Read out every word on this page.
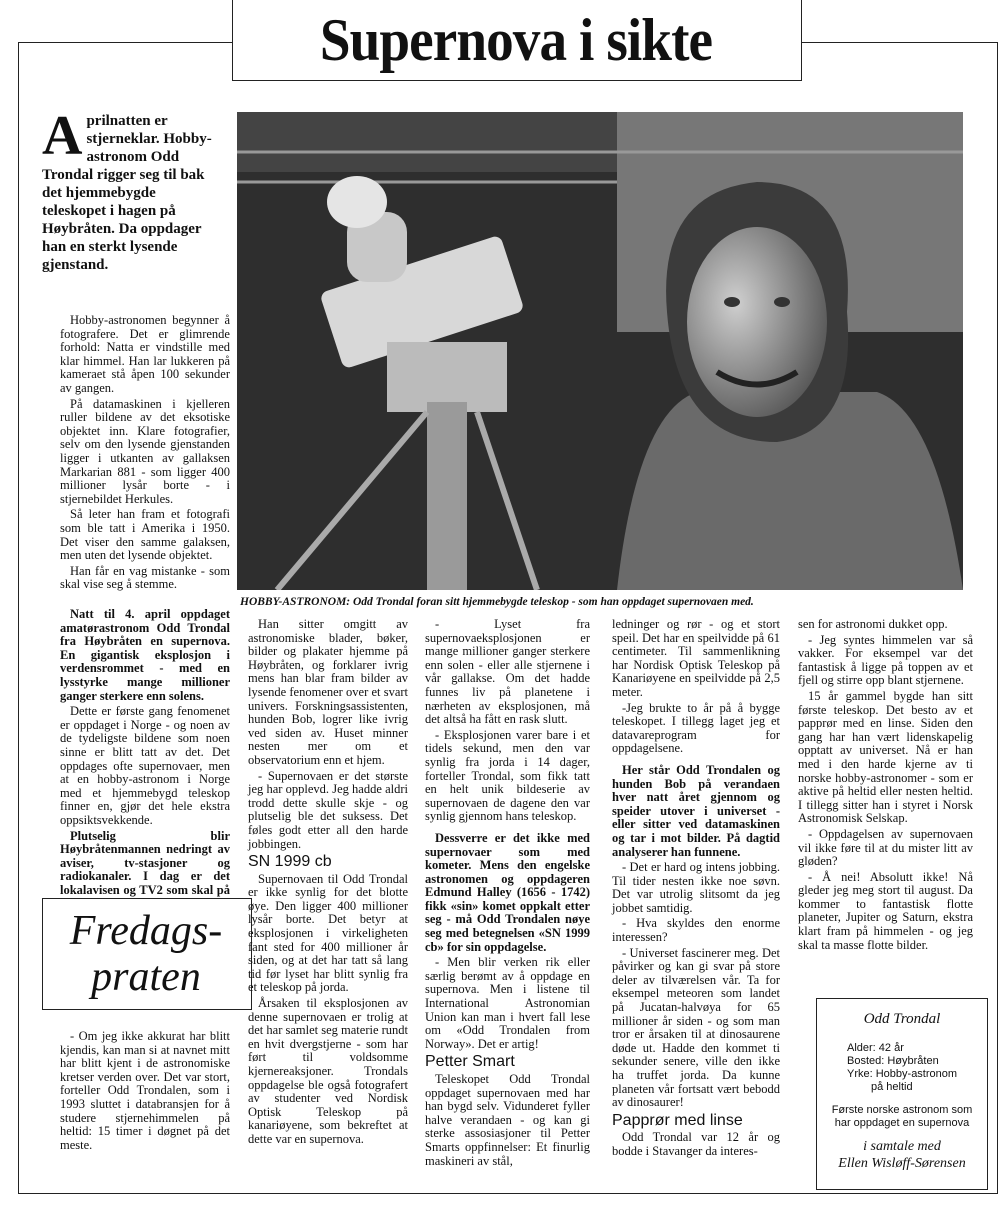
Supernova i sikte
Aprilnatten er stjerneklar. Hobby-astronom Odd Trondal rigger seg til bak det hjemmebygde teleskopet i hagen på Høybråten. Da oppdager han en sterkt lysende gjenstand.
HOBBY-ASTRONOM: Odd Trondal foran sitt hjemmebygde teleskop - som han oppdaget supernovaen med.

Hobby-astronomen begynner å fotografere. Det er glimrende forhold: Natta er vindstille med klar himmel. Han lar lukkeren på kameraet stå åpen 100 sekunder av gangen.

På datamaskinen i kjelleren ruller bildene av det eksotiske objektet inn. Klare fotografier, selv om den lysende gjenstanden ligger i utkanten av gallaksen Markarian 881 - som ligger 400 millioner lysår borte - i stjernebildet Herkules.

Så leter han fram et fotografi som ble tatt i Amerika i 1950. Det viser den samme galaksen, men uten det lysende objektet.

Han får en vag mistanke - som skal vise seg å stemme.

Natt til 4. april oppdaget amatørastronom Odd Trondal fra Høybråten en supernova. En gigantisk eksplosjon i verdensrommet - med en lysstyrke mange millioner ganger sterkere enn solens.

Dette er første gang fenomenet er oppdaget i Norge - og noen av de tydeligste bildene som noen sinne er blitt tatt av det. Det oppdages ofte supernovaer, men at en hobby-astronom i Norge med et hjemmebygd teleskop finner en, gjør det hele ekstra oppsiktsvekkende.

Plutselig blir Høybråtenmannen nedringt av aviser, tv-stasjoner og radiokanaler. I dag er det lokalavisen og TV2 som skal på

Fredags-
praten

- Om jeg ikke akkurat har blitt kjendis, kan man si at navnet mitt har blitt kjent i de astronomiske kretser verden over. Det var stort, forteller Odd Trondalen, som i 1993 sluttet i databransjen for å studere stjernehimmelen på heltid: 15 timer i døgnet på det meste.

Han sitter omgitt av astronomiske blader, bøker, bilder og plakater hjemme på Høybråten, og forklarer ivrig mens han blar fram bilder av lysende fenomener over et svart univers. Forskningsassistenten, hunden Bob, logrer like ivrig ved siden av. Huset minner nesten mer om et observatorium enn et hjem.

- Supernovaen er det største jeg har opplevd. Jeg hadde aldri trodd dette skulle skje - og plutselig ble det suksess. Det føles godt etter all den harde jobbingen.

SN 1999 cb

Supernovaen til Odd Trondal er ikke synlig for det blotte øye. Den ligger 400 millioner lysår borte. Det betyr at eksplosjonen i virkeligheten fant sted for 400 millioner år siden, og at det har tatt så lang tid før lyset har blitt synlig fra et teleskop på jorda.

Årsaken til eksplosjonen av denne supernovaen er trolig at det har samlet seg materie rundt en hvit dvergstjerne - som har ført til voldsomme kjernereaksjoner. Trondals oppdagelse ble også fotografert av studenter ved Nordisk Optisk Teleskop på kanariøyene, som bekreftet at dette var en supernova.

- Lyset fra supernovaeksplosjonen er mange millioner ganger sterkere enn solen - eller alle stjernene i vår gallakse. Om det hadde funnes liv på planetene i nærheten av eksplosjonen, må det altså ha fått en rask slutt.

- Eksplosjonen varer bare i et tidels sekund, men den var synlig fra jorda i 14 dager, forteller Trondal, som fikk tatt en helt unik bildeserie av supernovaen de dagene den var synlig gjennom hans teleskop.

Dessverre er det ikke med supernovaer som med kometer. Mens den engelske astronomen og oppdageren Edmund Halley (1656 - 1742) fikk «sin» komet oppkalt etter seg - må Odd Trondalen nøye seg med betegnelsen «SN 1999 cb» for sin oppdagelse.

- Men blir verken rik eller særlig berømt av å oppdage en supernova. Men i listene til International Astronomian Union kan man i hvert fall lese om «Odd Trondalen from Norway». Det er artig!

Petter Smart

Teleskopet Odd Trondal oppdaget supernovaen med har han bygd selv. Vidunderet fyller halve verandaen - og kan gi sterke assosiasjoner til Petter Smarts oppfinnelser: Et finurlig maskineri av stål,

ledninger og rør - og et stort speil. Det har en speilvidde på 61 centimeter. Til sammenlikning har Nordisk Optisk Teleskop på Kanariøyene en speilvidde på 2,5 meter.

-Jeg brukte to år på å bygge teleskopet. I tillegg laget jeg et datavareprogram for oppdagelsene.

Her står Odd Trondalen og hunden Bob på verandaen hver natt året gjennom og speider utover i universet - eller sitter ved datamaskinen og tar i mot bilder. På dagtid analyserer han funnene.

- Det er hard og intens jobbing. Til tider nesten ikke noe søvn. Det var utrolig slitsomt da jeg jobbet samtidig.

- Hva skyldes den enorme interessen?

- Universet fascinerer meg. Det påvirker og kan gi svar på store deler av tilværelsen vår. Ta for eksempel meteoren som landet på Jucatan-halvøya for 65 millioner år siden - og som man tror er årsaken til at dinosaurene døde ut. Hadde den kommet ti sekunder senere, ville den ikke ha truffet jorda. Da kunne planeten vår fortsatt vært bebodd av dinosaurer!

Papprør med linse

Odd Trondal var 12 år og bodde i Stavanger da interes-

sen for astronomi dukket opp.

- Jeg syntes himmelen var så vakker. For eksempel var det fantastisk å ligge på toppen av et fjell og stirre opp blant stjernene.

15 år gammel bygde han sitt første teleskop. Det besto av et papprør med en linse. Siden den gang har han vært lidenskapelig opptatt av universet. Nå er han med i den harde kjerne av ti norske hobby-astronomer - som er aktive på heltid eller nesten heltid. I tillegg sitter han i styret i Norsk Astronomisk Selskap.

- Oppdagelsen av supernovaen vil ikke føre til at du mister litt av gløden?

- Å nei! Absolutt ikke! Nå gleder jeg meg stort til august. Da kommer to fantastisk flotte planeter, Jupiter og Saturn, ekstra klart fram på himmelen - og jeg skal ta masse flotte bilder.

Odd Trondal
Alder: 42 år
Bosted: Høybråten
Yrke: Hobby-astronom
på heltid
Første norske astronom som har oppdaget en supernova
i samtale med
Ellen Wisløff-Sørensen
